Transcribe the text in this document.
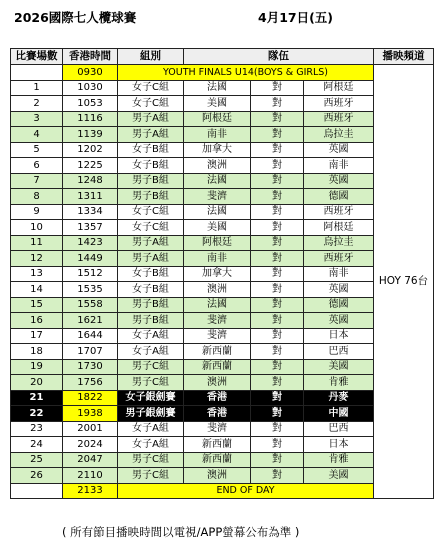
2026國際七人欖球賽	4月17日(五)
比賽場數	香港時間	組別	隊伍			播映頻道
	0930	YOUTH FINALS U14(BOYS & GIRLS)				HOY 76台
1	1030	女子C組	法國	對	阿根廷	
2	1053	女子C組	美國	對	西班牙	
3	1116	男子A組	阿根廷	對	西班牙	
4	1139	男子A組	南非	對	烏拉圭	
5	1202	女子B組	加拿大	對	英國	
6	1225	女子B組	澳洲	對	南非	
7	1248	男子B組	法國	對	英國	
8	1311	男子B組	斐濟	對	德國	
9	1334	女子C組	法國	對	西班牙	
10	1357	女子C組	美國	對	阿根廷	
11	1423	男子A組	阿根廷	對	烏拉圭	
12	1449	男子A組	南非	對	西班牙	
13	1512	女子B組	加拿大	對	南非	
14	1535	女子B組	澳洲	對	英國	
15	1558	男子B組	法國	對	德國	
16	1621	男子B組	斐濟	對	英國	
17	1644	女子A組	斐濟	對	日本	
18	1707	女子A組	新西蘭	對	巴西	
19	1730	男子C組	新西蘭	對	美國	
20	1756	男子C組	澳洲	對	肯雅	
21	1822	女子銀劍賽	香港	對	丹麥	
22	1938	男子銀劍賽	香港	對	中國	
23	2001	女子A組	斐濟	對	巴西	
24	2024	女子A組	新西蘭	對	日本	
25	2047	男子C組	新西蘭	對	肯雅	
26	2110	男子C組	澳洲	對	美國	
	2133	END OF DAY				
( 所有節目播映時間以電視/APP螢幕公布為準 )
